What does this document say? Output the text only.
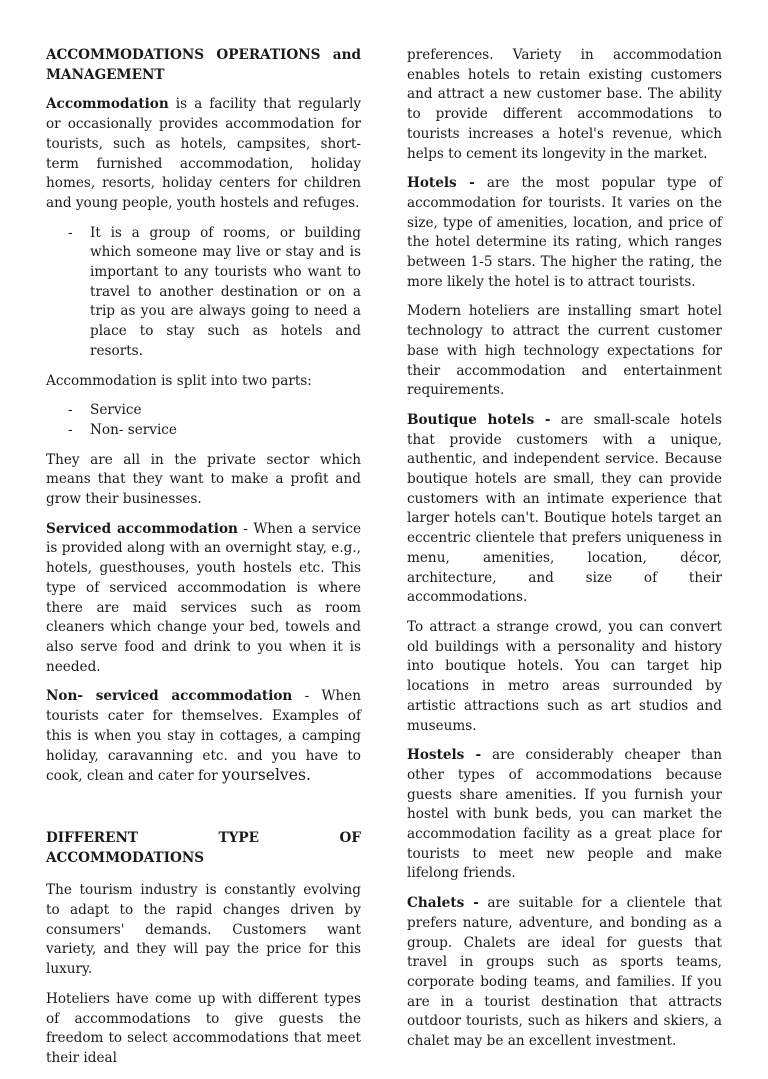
ACCOMMODATIONS OPERATIONS and MANAGEMENT

Accommodation is a facility that regularly or occasionally provides accommodation for tourists, such as hotels, campsites, short-term furnished accommodation, holiday homes, resorts, holiday centers for children and young people, youth hostels and refuges.

- It is a group of rooms, or building which someone may live or stay and is important to any tourists who want to travel to another destination or on a trip as you are always going to need a place to stay such as hotels and resorts.

Accommodation is split into two parts:

- Service
- Non- service

They are all in the private sector which means that they want to make a profit and grow their businesses.

Serviced accommodation - When a service is provided along with an overnight stay, e.g., hotels, guesthouses, youth hostels etc. This type of serviced accommodation is where there are maid services such as room cleaners which change your bed, towels and also serve food and drink to you when it is needed.

Non- serviced accommodation - When tourists cater for themselves. Examples of this is when you stay in cottages, a camping holiday, caravanning etc. and you have to cook, clean and cater for yourselves.

DIFFERENT TYPE OF ACCOMMODATIONS

The tourism industry is constantly evolving to adapt to the rapid changes driven by consumers' demands. Customers want variety, and they will pay the price for this luxury.

Hoteliers have come up with different types of accommodations to give guests the freedom to select accommodations that meet their ideal

preferences. Variety in accommodation enables hotels to retain existing customers and attract a new customer base. The ability to provide different accommodations to tourists increases a hotel's revenue, which helps to cement its longevity in the market.

Hotels - are the most popular type of accommodation for tourists. It varies on the size, type of amenities, location, and price of the hotel determine its rating, which ranges between 1-5 stars. The higher the rating, the more likely the hotel is to attract tourists.

Modern hoteliers are installing smart hotel technology to attract the current customer base with high technology expectations for their accommodation and entertainment requirements.

Boutique hotels - are small-scale hotels that provide customers with a unique, authentic, and independent service. Because boutique hotels are small, they can provide customers with an intimate experience that larger hotels can't. Boutique hotels target an eccentric clientele that prefers uniqueness in menu, amenities, location, décor, architecture, and size of their accommodations.

To attract a strange crowd, you can convert old buildings with a personality and history into boutique hotels. You can target hip locations in metro areas surrounded by artistic attractions such as art studios and museums.

Hostels - are considerably cheaper than other types of accommodations because guests share amenities. If you furnish your hostel with bunk beds, you can market the accommodation facility as a great place for tourists to meet new people and make lifelong friends.

Chalets - are suitable for a clientele that prefers nature, adventure, and bonding as a group. Chalets are ideal for guests that travel in groups such as sports teams, corporate boding teams, and families. If you are in a tourist destination that attracts outdoor tourists, such as hikers and skiers, a chalet may be an excellent investment.
